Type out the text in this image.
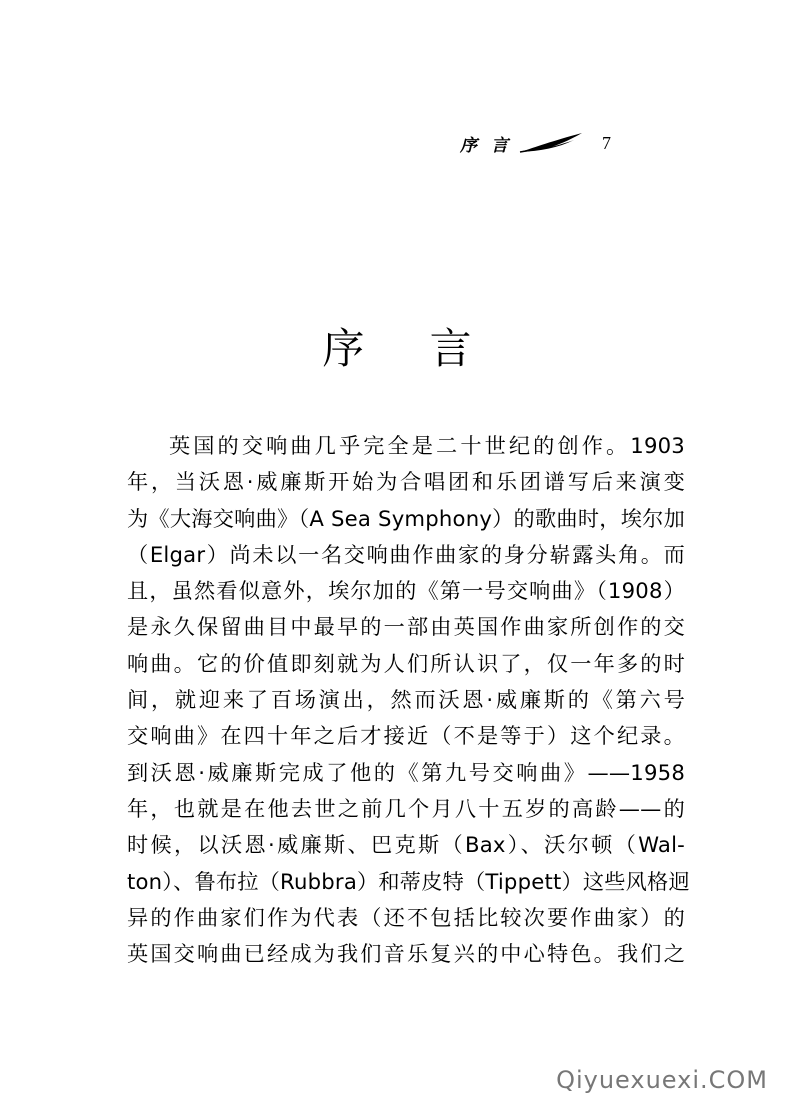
序言	7
序 言
英国的交响曲几乎完全是二十世纪的创作。1903
年，当沃恩·威廉斯开始为合唱团和乐团谱写后来演变
为《大海交响曲》（A Sea Symphony）的歌曲时，埃尔加
（Elgar）尚未以一名交响曲作曲家的身分崭露头角。而
且，虽然看似意外，埃尔加的《第一号交响曲》（1908）
是永久保留曲目中最早的一部由英国作曲家所创作的交
响曲。它的价值即刻就为人们所认识了，仅一年多的时
间，就迎来了百场演出，然而沃恩·威廉斯的《第六号
交响曲》在四十年之后才接近（不是等于）这个纪录。
到沃恩·威廉斯完成了他的《第九号交响曲》——1958
年，也就是在他去世之前几个月八十五岁的高龄——的
时候，以沃恩·威廉斯、巴克斯（Bax）、沃尔顿（Wal-
ton）、鲁布拉（Rubbra）和蒂皮特（Tippett）这些风格迥
异的作曲家们作为代表（还不包括比较次要作曲家）的
英国交响曲已经成为我们音乐复兴的中心特色。我们之
Qiyuexuexi.COM
